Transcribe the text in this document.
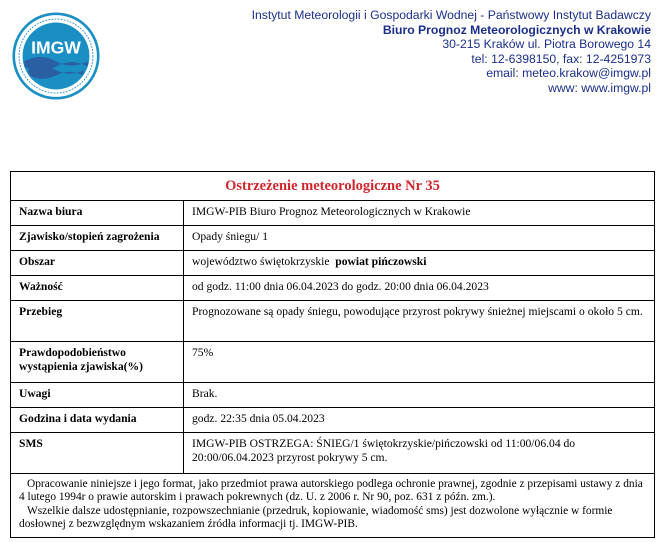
IMGW
Instytut Meteorologii i Gospodarki Wodnej - Państwowy Instytut Badawczy
Biuro Prognoz Meteorologicznych w Krakowie
30-215 Kraków ul. Piotra Borowego 14
tel: 12-6398150, fax: 12-4251973
email: meteo.krakow@imgw.pl
www: www.imgw.pl
Ostrzeżenie meteorologiczne Nr 35
Nazwa biura	IMGW-PIB Biuro Prognoz Meteorologicznych w Krakowie
Zjawisko/stopień zagrożenia	Opady śniegu/ 1
Obszar	województwo świętokrzyskie powiat pińczowski
Ważność	od godz. 11:00 dnia 06.04.2023 do godz. 20:00 dnia 06.04.2023
Przebieg	Prognozowane są opady śniegu, powodujące przyrost pokrywy śnieżnej miejscami o około 5 cm.
Prawdopodobieństwo wystąpienia zjawiska(%)	75%
Uwagi	Brak.
Godzina i data wydania	godz. 22:35 dnia 05.04.2023
SMS	IMGW-PIB OSTRZEGA: ŚNIEG/1 świętokrzyskie/pińczowski od 11:00/06.04 do 20:00/06.04.2023 przyrost pokrywy 5 cm.

Opracowanie niniejsze i jego format, jako przedmiot prawa autorskiego podlega ochronie prawnej, zgodnie z przepisami ustawy z dnia 4 lutego 1994r o prawie autorskim i prawach pokrewnych (dz. U. z 2006 r. Nr 90, poz. 631 z późn. zm.).

Wszelkie dalsze udostępnianie, rozpowszechnianie (przedruk, kopiowanie, wiadomość sms) jest dozwolone wyłącznie w formie dosłownej z bezwzględnym wskazaniem źródła informacji tj. IMGW-PIB.
